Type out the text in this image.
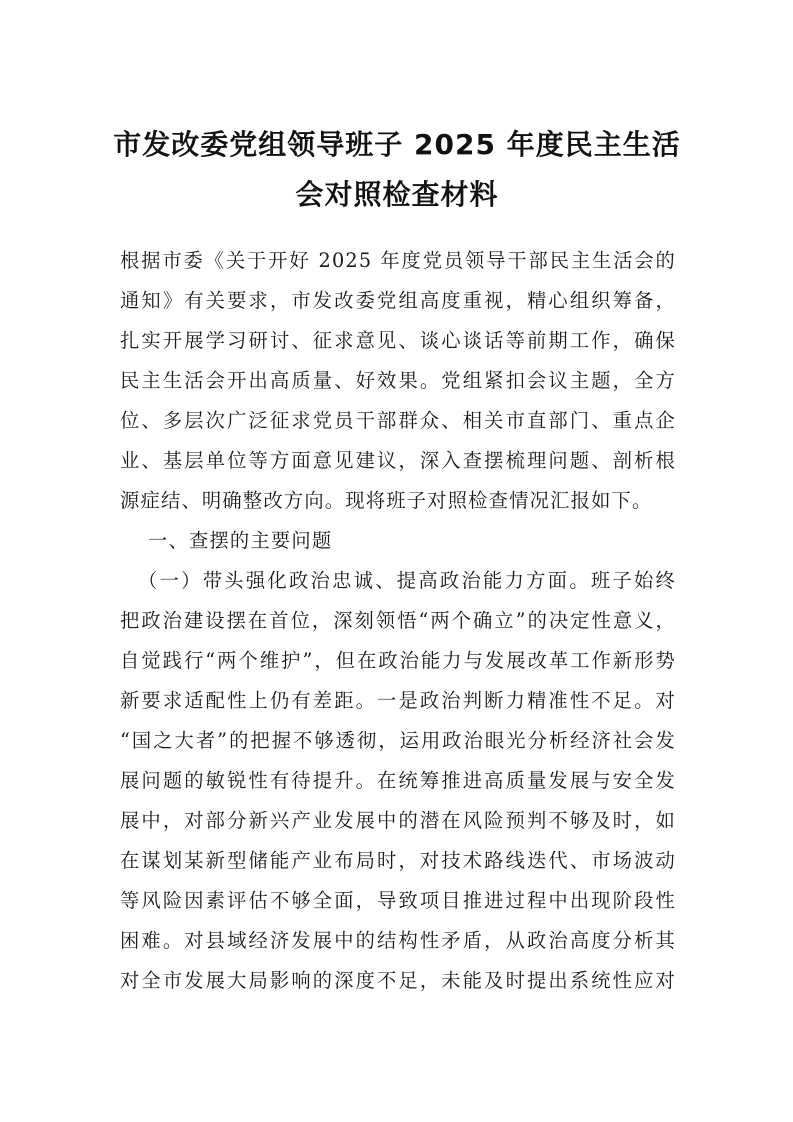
市发改委党组领导班子 2025 年度民主生活
会对照检查材料
根据市委《关于开好 2025 年度党员领导干部民主生活会的
通知》有关要求，市发改委党组高度重视，精心组织筹备，
扎实开展学习研讨、征求意见、谈心谈话等前期工作，确保
民主生活会开出高质量、好效果。党组紧扣会议主题，全方
位、多层次广泛征求党员干部群众、相关市直部门、重点企
业、基层单位等方面意见建议，深入查摆梳理问题、剖析根
源症结、明确整改方向。现将班子对照检查情况汇报如下。
一、查摆的主要问题
（一）带头强化政治忠诚、提高政治能力方面。班子始终
把政治建设摆在首位，深刻领悟“两个确立”的决定性意义，
自觉践行“两个维护”，但在政治能力与发展改革工作新形势
新要求适配性上仍有差距。一是政治判断力精准性不足。对
“国之大者”的把握不够透彻，运用政治眼光分析经济社会发
展问题的敏锐性有待提升。在统筹推进高质量发展与安全发
展中，对部分新兴产业发展中的潜在风险预判不够及时，如
在谋划某新型储能产业布局时，对技术路线迭代、市场波动
等风险因素评估不够全面，导致项目推进过程中出现阶段性
困难。对县域经济发展中的结构性矛盾，从政治高度分析其
对全市发展大局影响的深度不足，未能及时提出系统性应对
